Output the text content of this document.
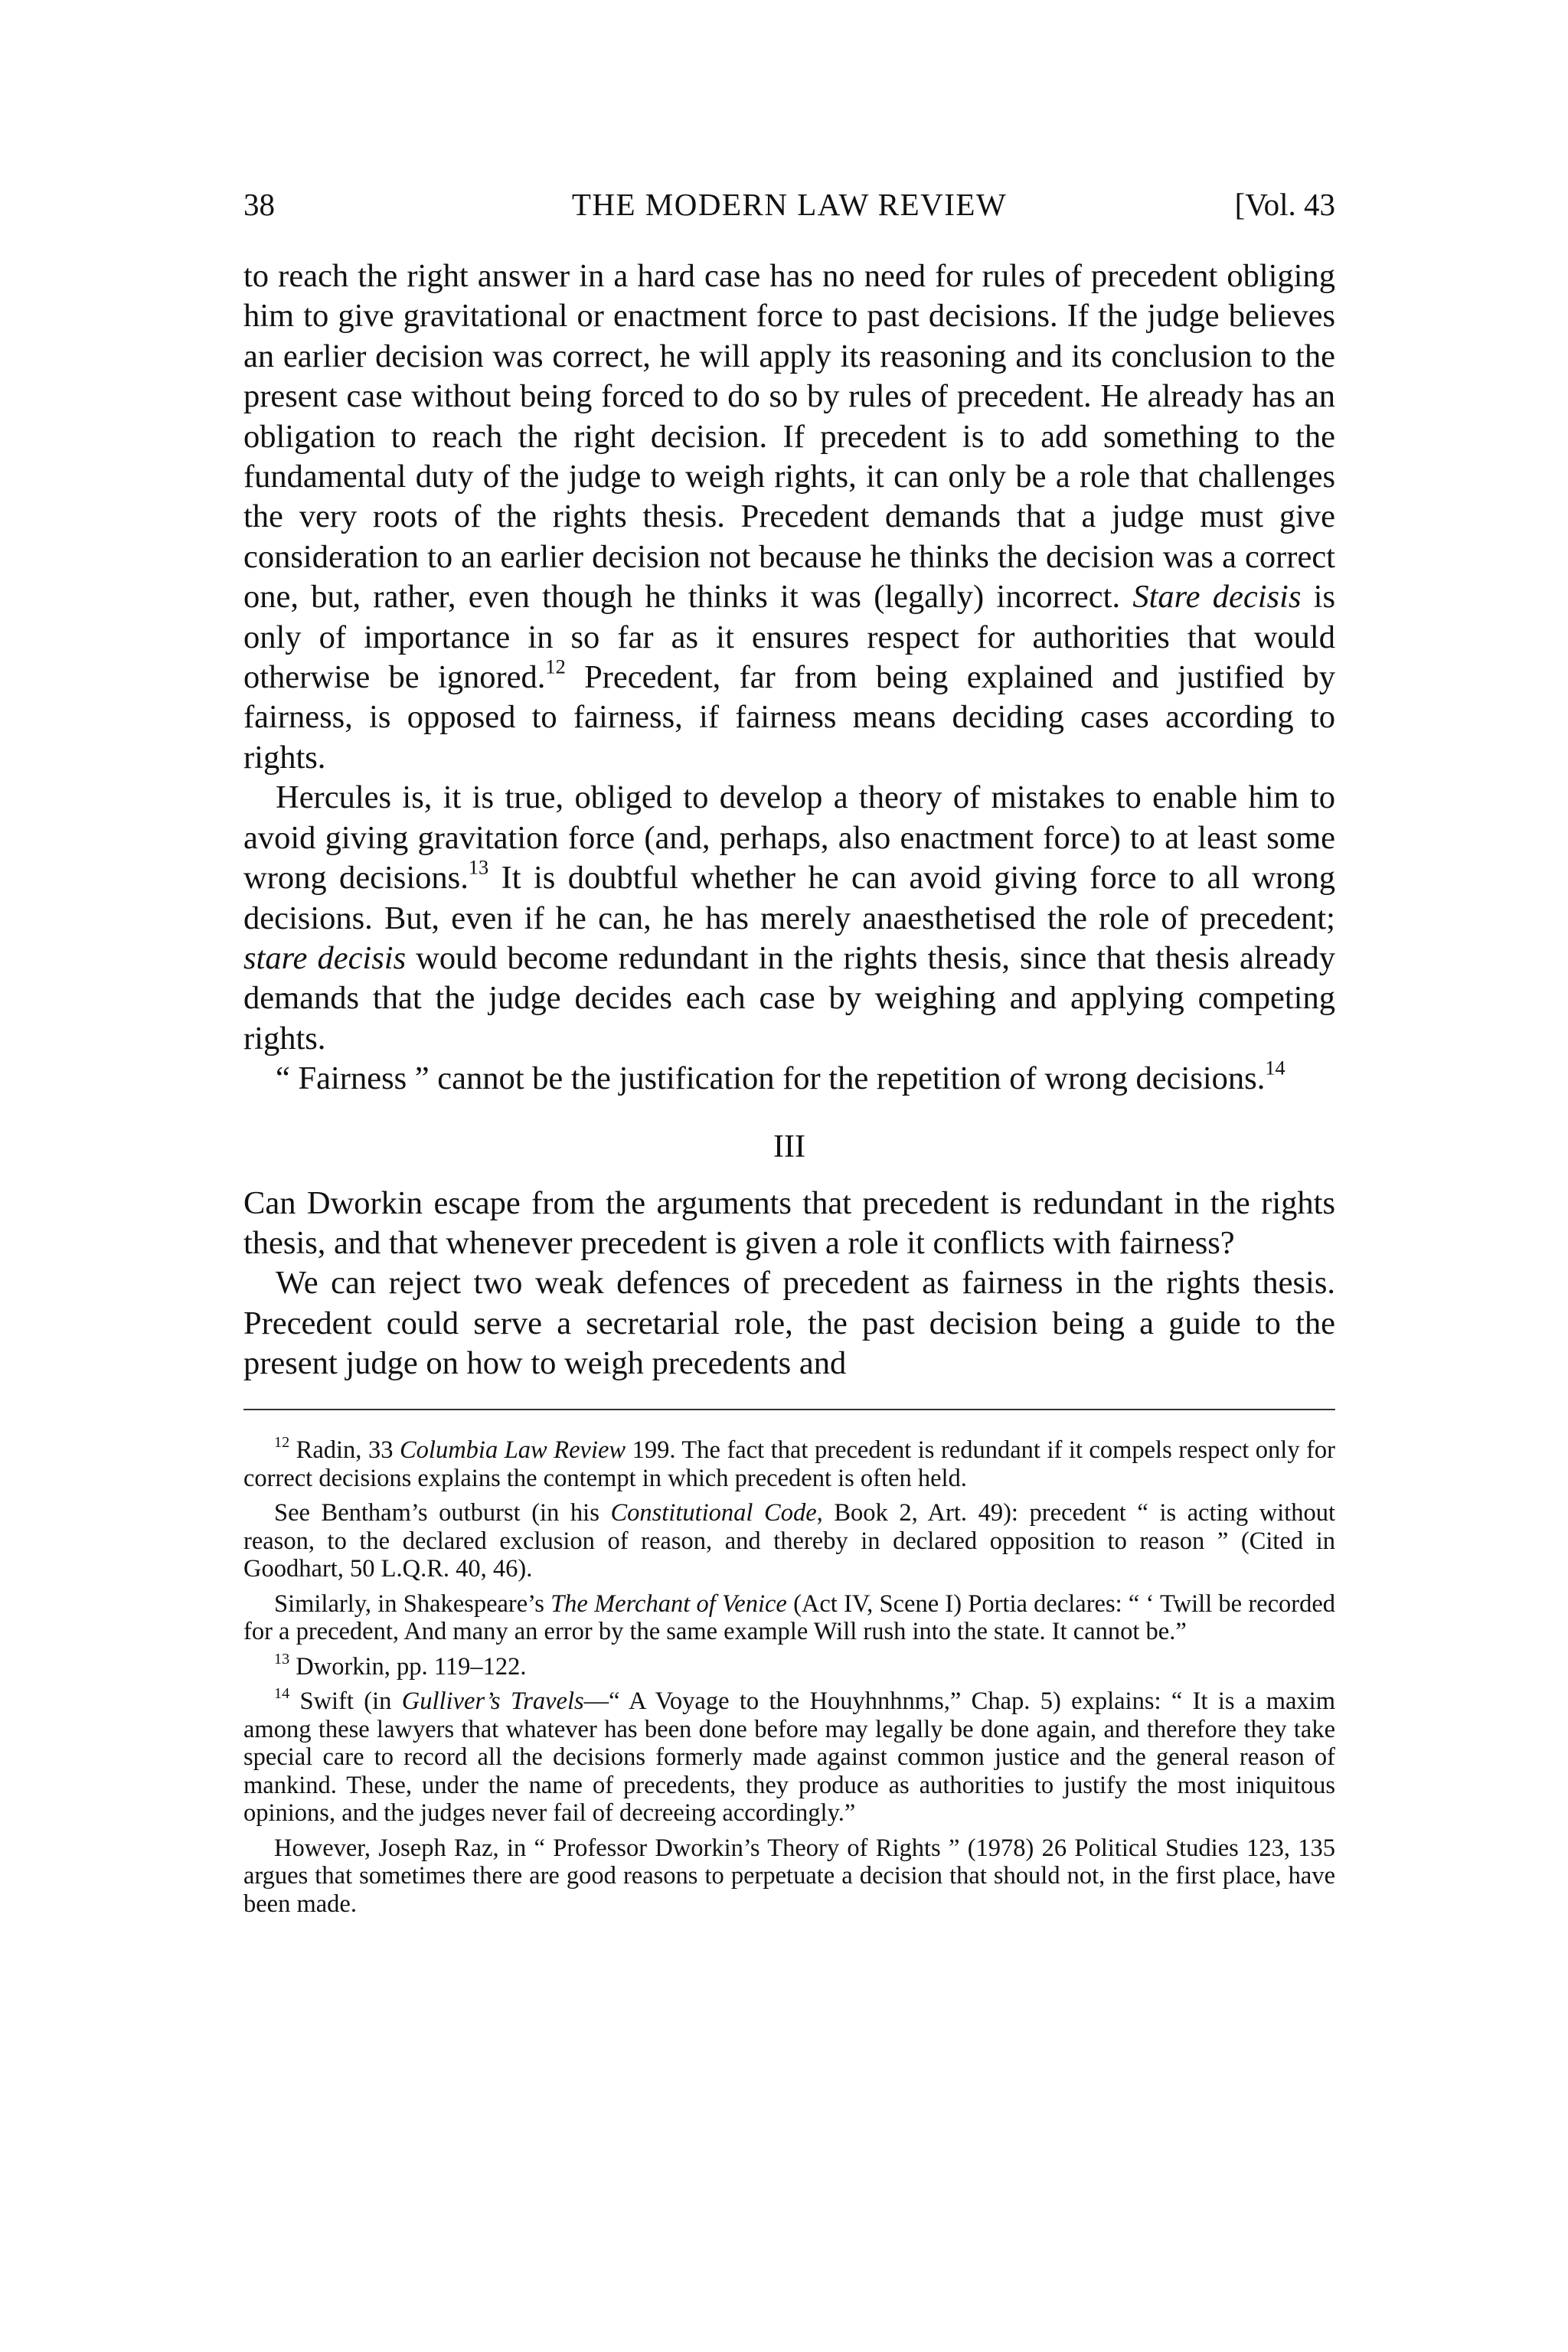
38	THE MODERN LAW REVIEW	[Vol. 43

to reach the right answer in a hard case has no need for rules of precedent obliging him to give gravitational or enactment force to past decisions. If the judge believes an earlier decision was correct, he will apply its reasoning and its conclusion to the present case without being forced to do so by rules of precedent. He already has an obligation to reach the right decision. If precedent is to add something to the fundamental duty of the judge to weigh rights, it can only be a role that challenges the very roots of the rights thesis. Precedent demands that a judge must give consideration to an earlier decision not because he thinks the decision was a correct one, but, rather, even though he thinks it was (legally) incorrect. Stare decisis is only of importance in so far as it ensures respect for authorities that would otherwise be ignored.$^{12}$ Precedent, far from being explained and justified by fairness, is opposed to fairness, if fairness means deciding cases according to rights.

Hercules is, it is true, obliged to develop a theory of mistakes to enable him to avoid giving gravitation force (and, perhaps, also enactment force) to at least some wrong decisions.$^{13}$ It is doubtful whether he can avoid giving force to all wrong decisions. But, even if he can, he has merely anaesthetised the role of precedent; stare decisis would become redundant in the rights thesis, since that thesis already demands that the judge decides each case by weighing and applying competing rights.

“ Fairness ” cannot be the justification for the repetition of wrong decisions.$^{14}$

III

Can Dworkin escape from the arguments that precedent is redundant in the rights thesis, and that whenever precedent is given a role it conflicts with fairness?

We can reject two weak defences of precedent as fairness in the rights thesis. Precedent could serve a secretarial role, the past decision being a guide to the present judge on how to weigh precedents and

$^{12}$ Radin, 33 Columbia Law Review 199. The fact that precedent is redundant if it compels respect only for correct decisions explains the contempt in which precedent is often held.

See Bentham’s outburst (in his Constitutional Code, Book 2, Art. 49): precedent “ is acting without reason, to the declared exclusion of reason, and thereby in declared opposition to reason ” (Cited in Goodhart, 50 L.Q.R. 40, 46).

Similarly, in Shakespeare’s The Merchant of Venice (Act IV, Scene I) Portia declares: “ ‘ Twill be recorded for a precedent, And many an error by the same example Will rush into the state. It cannot be.”

$^{13}$ Dworkin, pp. 119–122.

$^{14}$ Swift (in Gulliver’s Travels—“ A Voyage to the Houyhnhnms,” Chap. 5) explains: “ It is a maxim among these lawyers that whatever has been done before may legally be done again, and therefore they take special care to record all the decisions formerly made against common justice and the general reason of mankind. These, under the name of precedents, they produce as authorities to justify the most iniquitous opinions, and the judges never fail of decreeing accordingly.”

However, Joseph Raz, in “ Professor Dworkin’s Theory of Rights ” (1978) 26 Political Studies 123, 135 argues that sometimes there are good reasons to perpetuate a decision that should not, in the first place, have been made.
